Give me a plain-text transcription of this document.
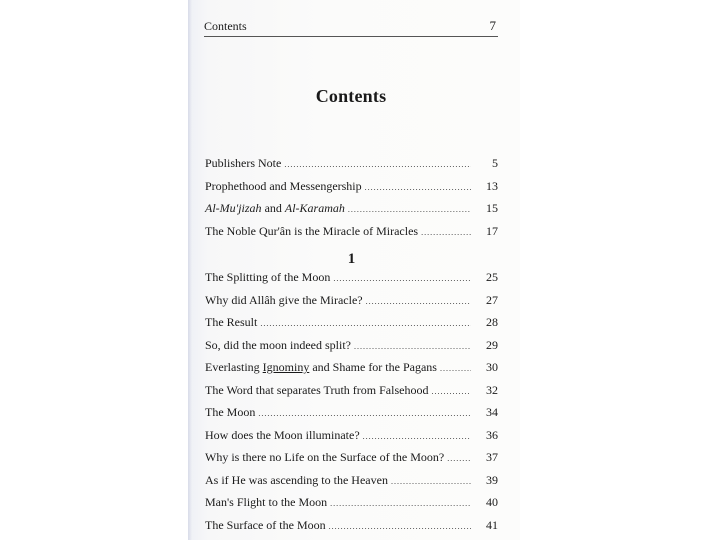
Contents	7
Contents
Publishers Note .....	5
Prophethood and Messengership .....	13
Al-Mu'jizah and Al-Karamah .....	15
The Noble Qur'ân is the Miracle of Miracles .....	17
1
The Splitting of the Moon .....	25
Why did Allâh give the Miracle? .....	27
The Result .....	28
So, did the moon indeed split? .....	29
Everlasting Ignominy and Shame for the Pagans .....	30
The Word that separates Truth from Falsehood .....	32
The Moon .....	34
How does the Moon illuminate? .....	36
Why is there no Life on the Surface of the Moon? .....	37
As if He was ascending to the Heaven .....	39
Man's Flight to the Moon .....	40
The Surface of the Moon .....	41
